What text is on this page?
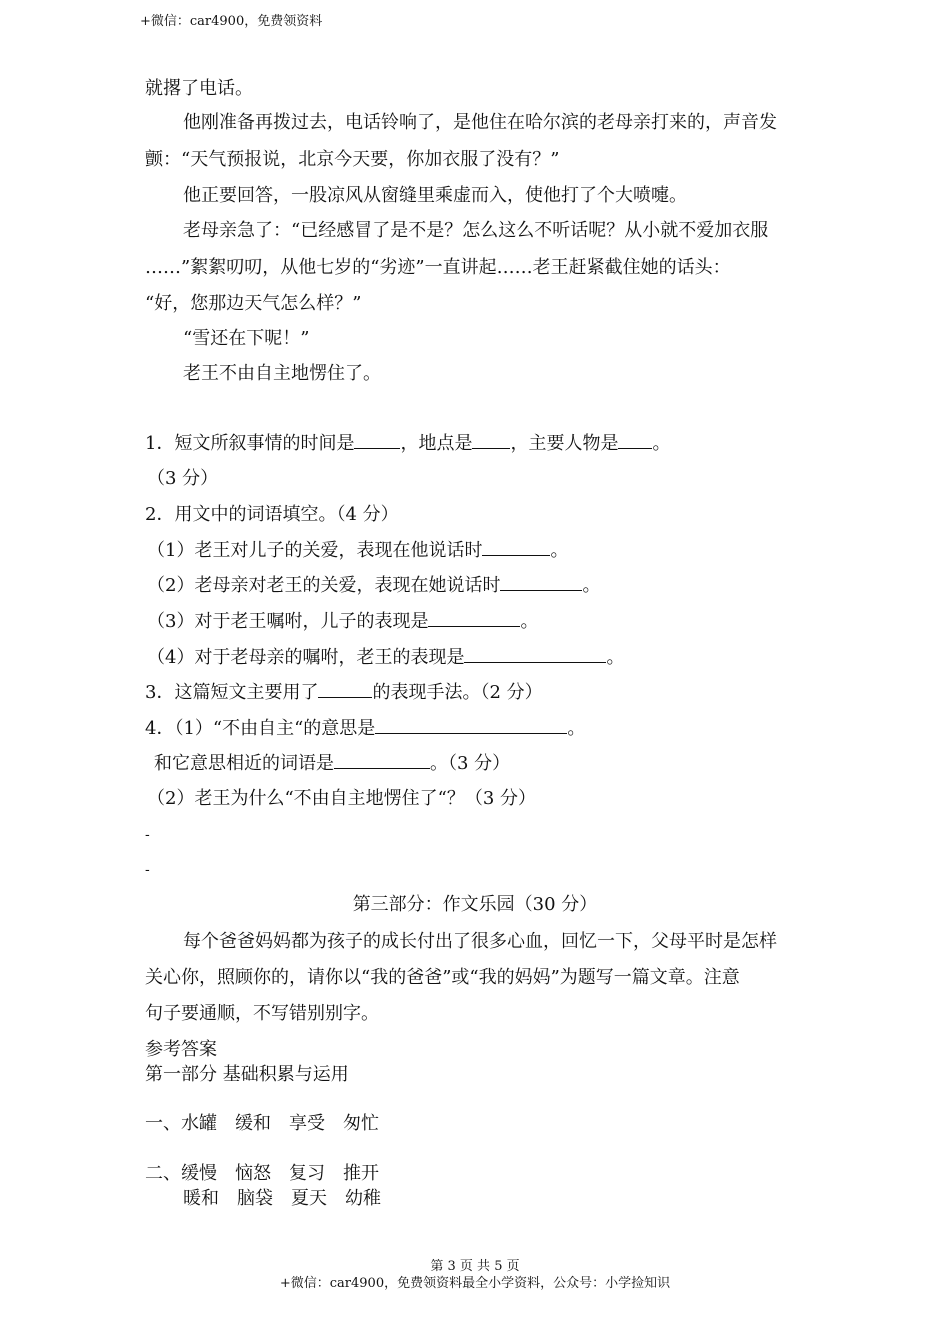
+微信：car4900，免费领资料
就撂了电话。
他刚准备再拨过去，电话铃响了，是他住在哈尔滨的老母亲打来的，声音发
颤：“天气预报说，北京今天要，你加衣服了没有？”
他正要回答，一股凉风从窗缝里乘虚而入，使他打了个大喷嚏。
老母亲急了：“已经感冒了是不是？怎么这么不听话呢？从小就不爱加衣服
……”絮絮叨叨，从他七岁的“劣迹”一直讲起……老王赶紧截住她的话头：
“好，您那边天气怎么样？”
“雪还在下呢！”
老王不由自主地愣住了。
1．短文所叙事情的时间是	，地点是 ，主要人物是 。
（3 分）
2．用文中的词语填空。（4 分）
（1）老王对儿子的关爱，表现在他说话时	。
（2）老母亲对老王的关爱，表现在她说话时	。
（3）对于老王嘱咐，儿子的表现是	。
（4）对于老母亲的嘱咐，老王的表现是	。
3．这篇短文主要用了	的表现手法。（2 分）
4．（1）“不由自主“的意思是	。
和它意思相近的词语是	。（3 分）
（2）老王为什么“不由自主地愣住了“？（3 分）
-
-
第三部分：作文乐园（30 分）
每个爸爸妈妈都为孩子的成长付出了很多心血，回忆一下，父母平时是怎样
关心你，照顾你的，请你以“我的爸爸”或“我的妈妈”为题写一篇文章。注意
句子要通顺，不写错别别字。
参考答案
第一部分 基础积累与运用
一、水罐　缓和　享受　匆忙
二、缓慢　恼怒　复习　推开
暖和　脑袋　夏天　幼稚
第 3 页 共 5 页
+微信：car4900，免费领资料最全小学资料，公众号：小学捡知识
